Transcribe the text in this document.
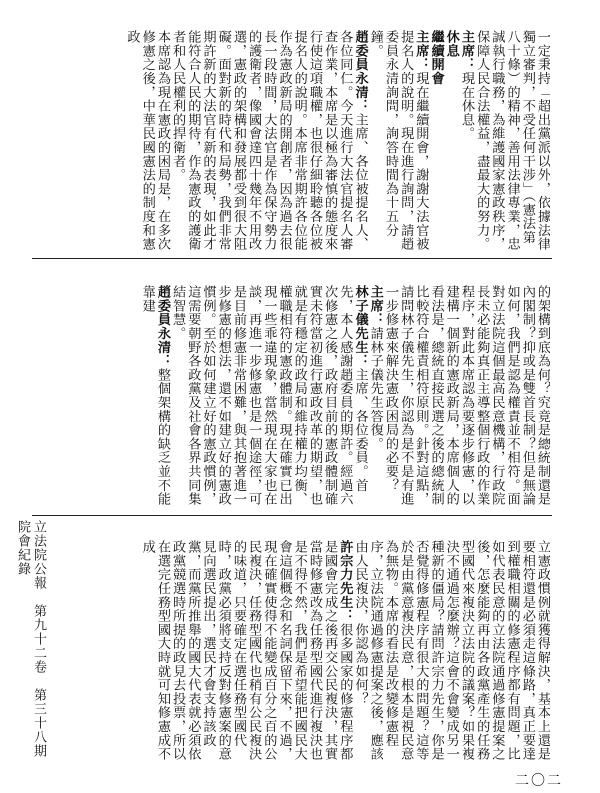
立法院公報　第九十二卷　第三十八期　院會紀錄
一定秉持「超出黨派以外，依據法律獨立審判，不受任何干涉」（憲法第八十條）的精神，善用法律專業，忠誠執行職務，為維護國家憲政秩序，保障人民合法權益，盡最大的努力。
主席：現在休息。
休息
繼續開會
主席：現在繼續開會，謝謝大法官被提名人的說明。現在進行詢問，請趙委員永清詢問，詢答時間為十五分鐘。
趙委員永清：主席、各位被提名人、各位同仁。今天進行大法官提名人審查作業，本席是以極為審慎的態度來行使這項職權，也很仔細聆聽各位被提名人的說明。本席非常期許各位能作為憲政新局的開創者，因為過去很長一段時間，大法官是作為保守勢力的護衛者，像國會達四十幾年不用改選，憲政的架構和發展都受到很大阻礙。面對新的時代和局勢，我們非常期許新的大法官有新的表現，如此才能符合人民的期待，作為憲政的護衛者和人民權利的捍衛者。
本席認為現在憲政的困局是，在多次修憲之後，中華民國憲法的制度和憲政
的架構到底為何？究竟是總統制還是內閣制？抑或是雙首長制？但是無論如何，我們是認為權責並不相符。面對立法院這個最高民意機構，行政院長未必能夠真正主導整個行政的作業程序，對此本席認為要逐步修憲，以建構一個新的憲政新局，本席個人的看法是，總統直接民選之後的總統制比較符合權責相符原則。針對這點，請問林子儀先生，你認為是不是有進一步修憲來解決憲政困局的必要？
主席：請林子儀先生答復。
林子儀先生：主席、各位委員。首先，本人感謝趙委員的期許。經過六次修憲之後，政府目前的憲政體制確實未符當初進行憲政改革的期望，也就是有穩定的政局和維持權力均衡、權職相符的憲政體制。現在確實已出現一些乖違現象，當然現在大家也在談，再進一步修憲也是一個途徑，可是目前修憲非常困難，與其抱著進一步修憲的想法，還不如建立好的憲政慣例。至於如何建立好的憲政慣例，這需要朝野各政黨及社會各界共同集結智慧。
趙委員永清：整個架構的缺乏並不能靠建
立憲政慣例就獲得解決，基本上還是要相符還是必須走這條路，真正要達到權職相關的修憲程序都有問題，比如代表民意的立法院通過修憲提案之後，怎麼能夠再由各政黨產生的任務型國代來複決立法院的議案？如果複決不通過怎麼辦？這會不會變成另一種新的僵局？請問許宗力先生，你是否覺得修憲程序有很大的問題？這等於是由黨意複決民意，根本是視民意為無物。本席的看法是改變修憲程序，立法院通過修憲提案之後，應該由人民複決，你認為如何？
許宗力先生：很多國家的修憲程序都是國會完成之後再交公民複決，其實當時修憲改為任務型國代進行複決也是不得不然，我們是希望能把國民大會這個概念和名詞保留下來，不過，現在確實使得不能變成百分之百的公民複決，任務型國代也稍有公民複決的味道，只要確定在選任務型國代時，政黨必須將支持反對修憲案的意見向選民提出，選民才會支持該政黨，而黨所推舉的國大代表就必須依政黨競選時所提的政見去投票，所以在選完任務型國大時就可知修憲成不成
二〇二
